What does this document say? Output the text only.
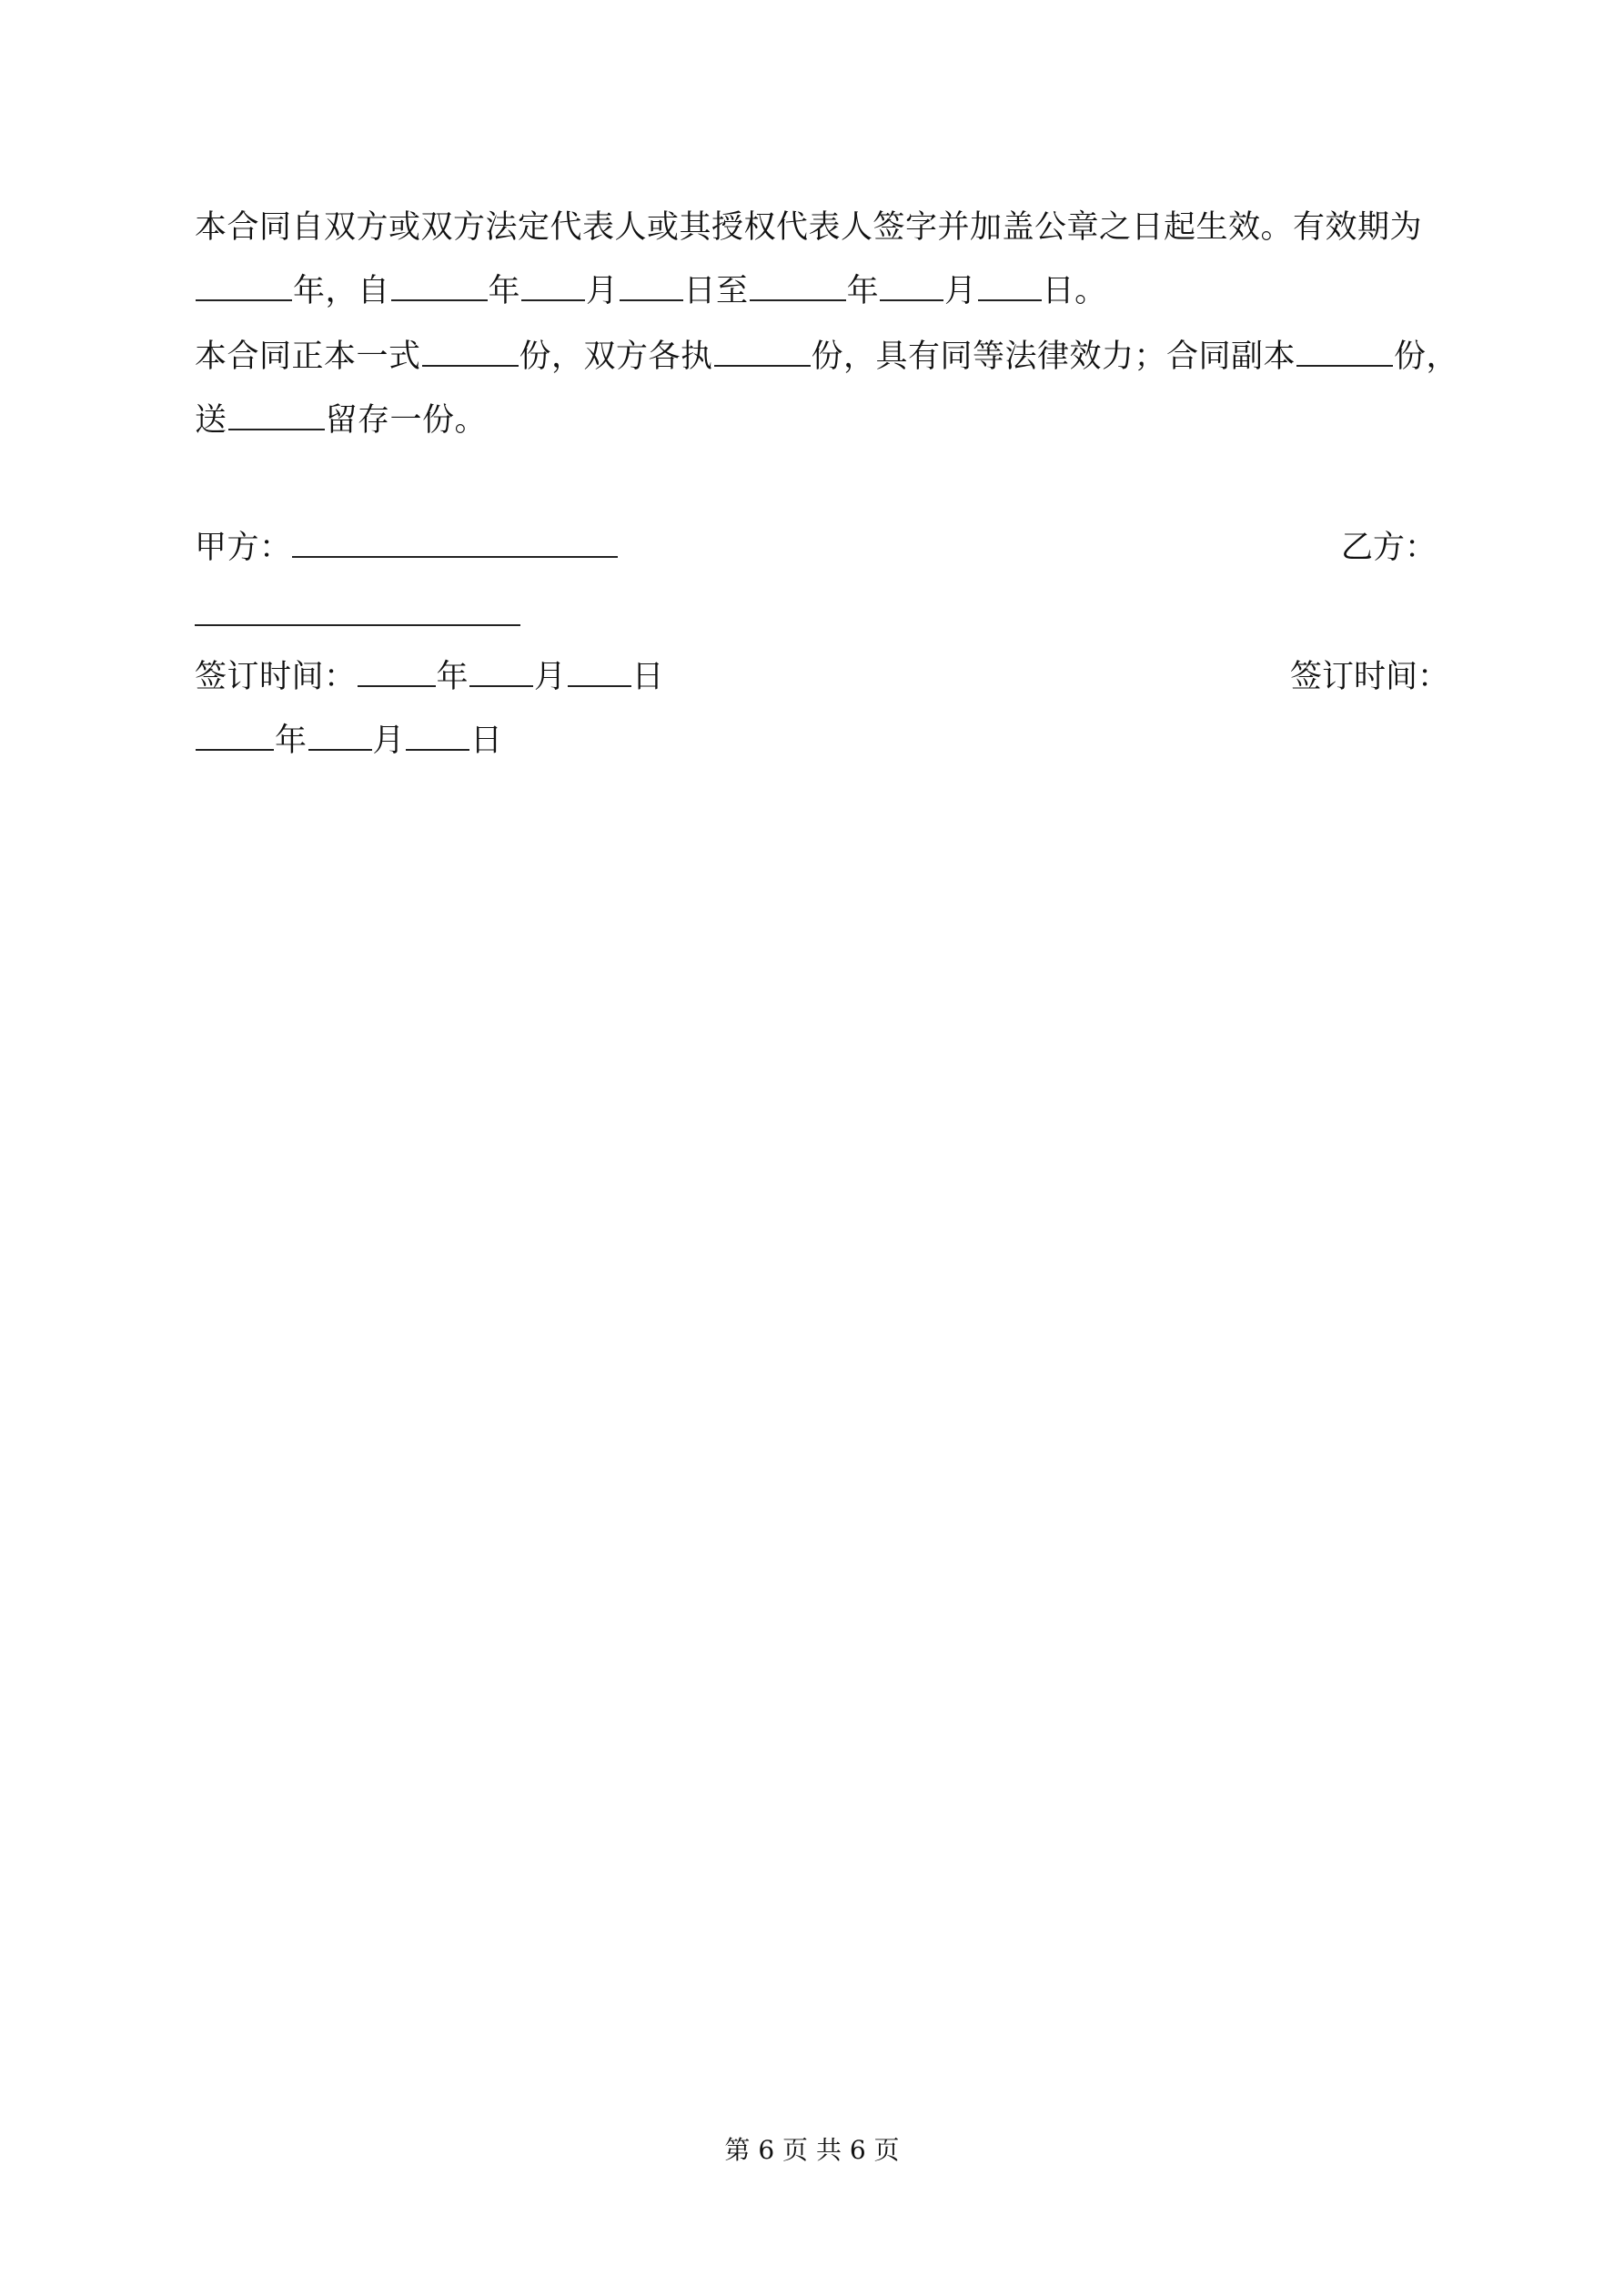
本合同自双方或双方法定代表人或其授权代表人签字并加盖公章之日起生效。有效期为
年，自	年 月 日至	年 月 日。
本合同正本一式	份，双方各执	份，具有同等法律效力；合同副本	份，
送	留存一份。
甲方：	乙方：
签订时间：	年 月 日	签订时间：
年 月 日
第 6 页 共 6 页
